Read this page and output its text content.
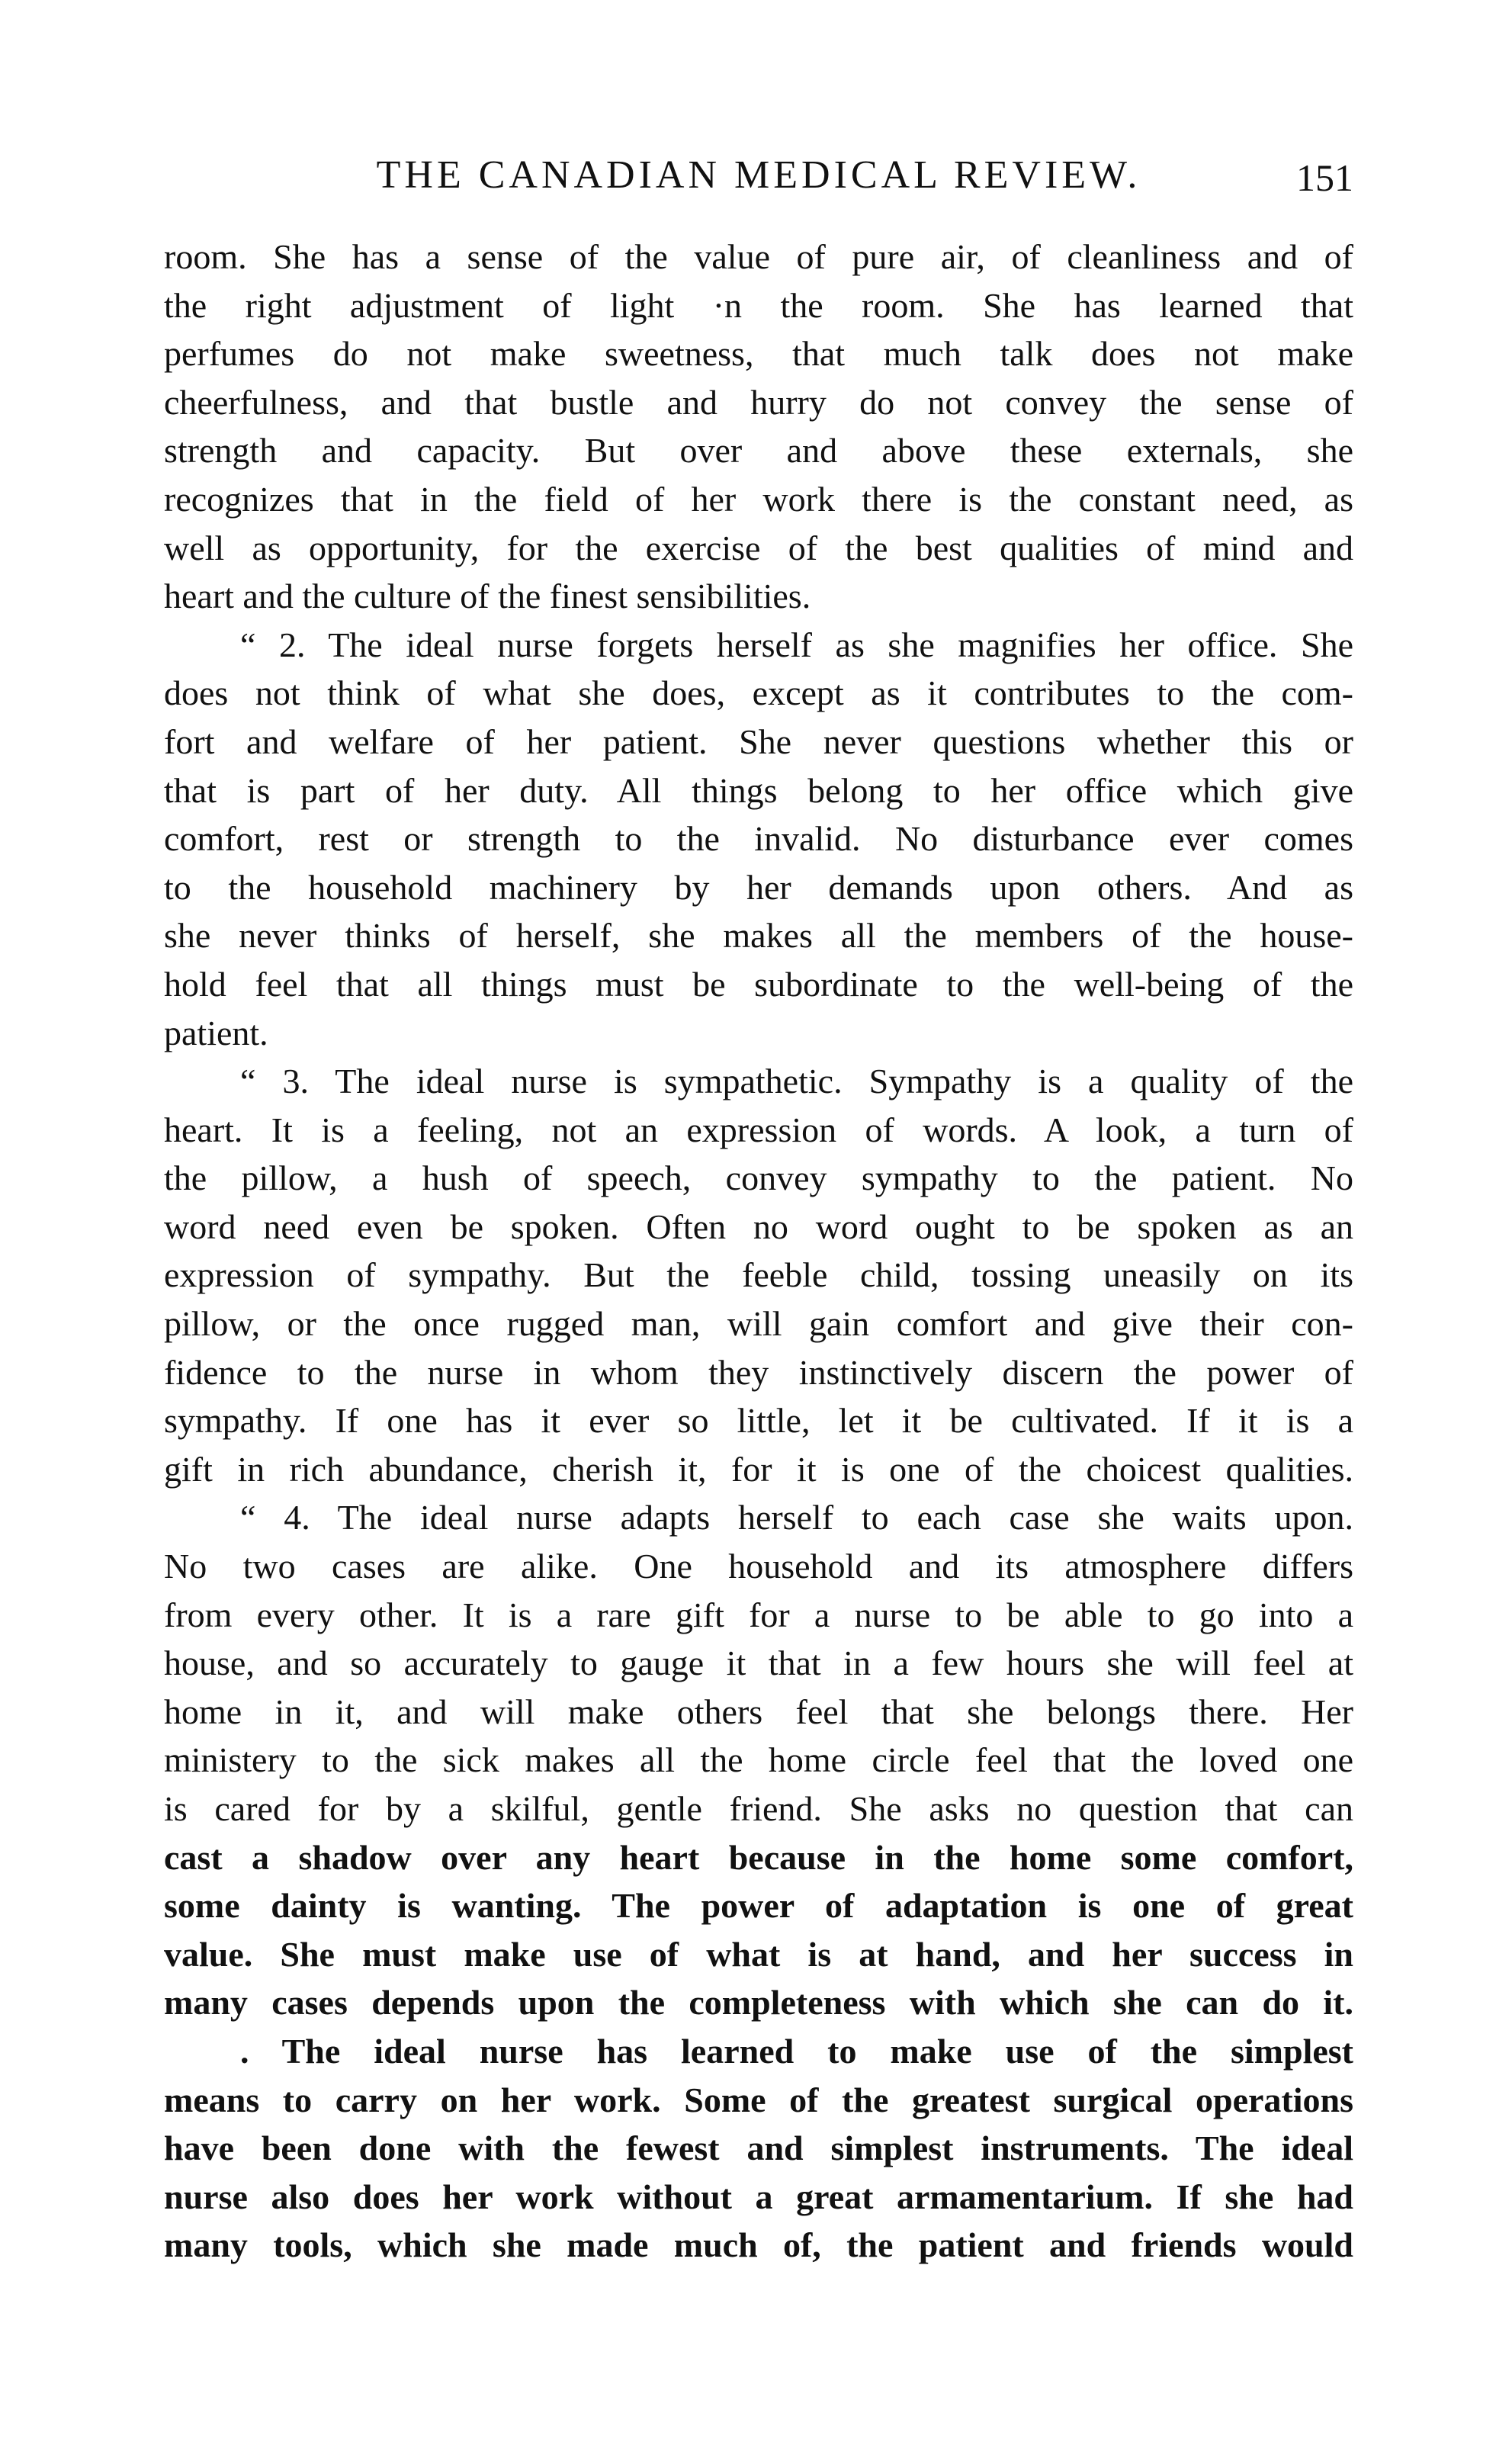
THE CANADIAN MEDICAL REVIEW.	151
room. She has a sense of the value of pure air, of cleanliness and of
the right adjustment of light ·n the room. She has learned that
perfumes do not make sweetness, that much talk does not make
cheerfulness, and that bustle and hurry do not convey the sense of
strength and capacity. But over and above these externals, she
recognizes that in the field of her work there is the constant need, as
well as opportunity, for the exercise of the best qualities of mind and
heart and the culture of the finest sensibilities.
“ 2. The ideal nurse forgets herself as she magnifies her office. She
does not think of what she does, except as it contributes to the com-
fort and welfare of her patient. She never questions whether this or
that is part of her duty. All things belong to her office which give
comfort, rest or strength to the invalid. No disturbance ever comes
to the household machinery by her demands upon others. And as
she never thinks of herself, she makes all the members of the house-
hold feel that all things must be subordinate to the well-being of the
patient.
“ 3. The ideal nurse is sympathetic. Sympathy is a quality of the
heart. It is a feeling, not an expression of words. A look, a turn of
the pillow, a hush of speech, convey sympathy to the patient. No
word need even be spoken. Often no word ought to be spoken as an
expression of sympathy. But the feeble child, tossing uneasily on its
pillow, or the once rugged man, will gain comfort and give their con-
fidence to the nurse in whom they instinctively discern the power of
sympathy. If one has it ever so little, let it be cultivated. If it is a
gift in rich abundance, cherish it, for it is one of the choicest qualities.
“ 4. The ideal nurse adapts herself to each case she waits upon.
No two cases are alike. One household and its atmosphere differs
from every other. It is a rare gift for a nurse to be able to go into a
house, and so accurately to gauge it that in a few hours she will feel at
home in it, and will make others feel that she belongs there. Her
ministery to the sick makes all the home circle feel that the loved one
is cared for by a skilful, gentle friend. She asks no question that can
cast a shadow over any heart because in the home some comfort,
some dainty is wanting. The power of adaptation is one of great
value. She must make use of what is at hand, and her success in
many cases depends upon the completeness with which she can do it.
. The ideal nurse has learned to make use of the simplest
means to carry on her work. Some of the greatest surgical operations
have been done with the fewest and simplest instruments. The ideal
nurse also does her work without a great armamentarium. If she had
many tools, which she made much of, the patient and friends would
